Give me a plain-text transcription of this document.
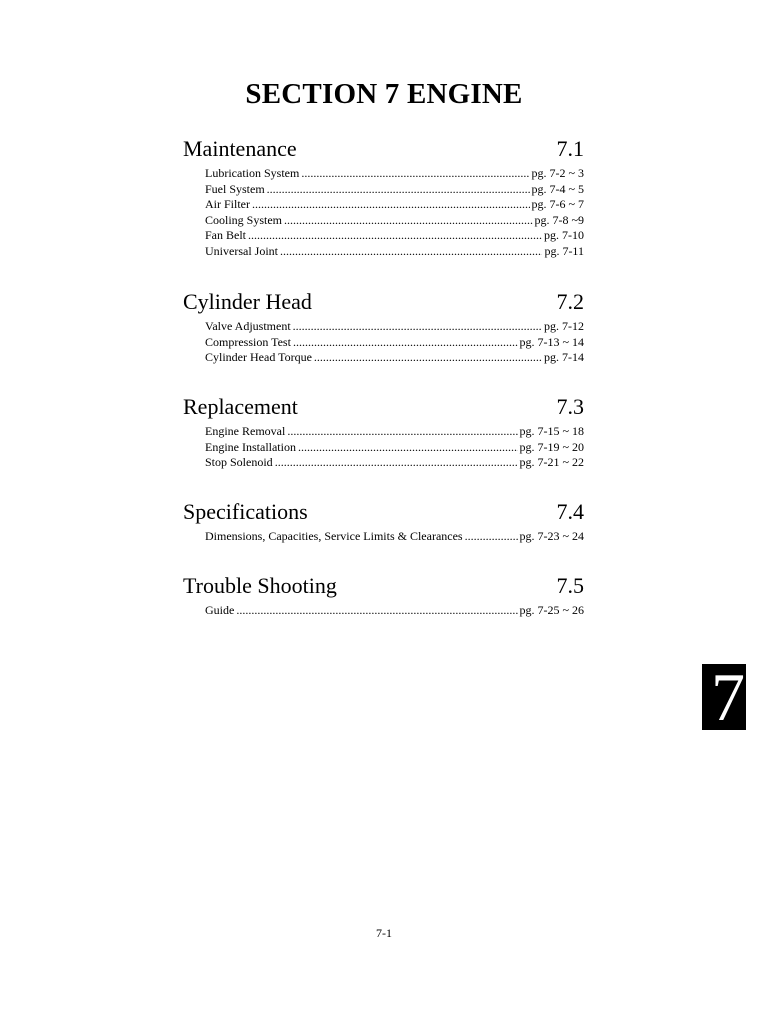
SECTION 7 ENGINE
Maintenance	7.1
Lubrication System .....	pg. 7-2 ~ 3
Fuel System .....	pg. 7-4 ~ 5
Air Filter .....	pg. 7-6 ~ 7
Cooling System .....	pg. 7-8 ~9
Fan Belt .....	pg. 7-10
Universal Joint .....	pg. 7-11
Cylinder Head	7.2
Valve Adjustment .....	pg. 7-12
Compression Test .....	pg. 7-13 ~ 14
Cylinder Head Torque .....	pg. 7-14
Replacement	7.3
Engine Removal .....	pg. 7-15 ~ 18
Engine Installation .....	pg. 7-19 ~ 20
Stop Solenoid .....	pg. 7-21 ~ 22
Specifications	7.4
Dimensions, Capacities, Service Limits & Clearances .....	pg. 7-23 ~ 24
Trouble Shooting	7.5
Guide .....	pg. 7-25 ~ 26
7
7-1
